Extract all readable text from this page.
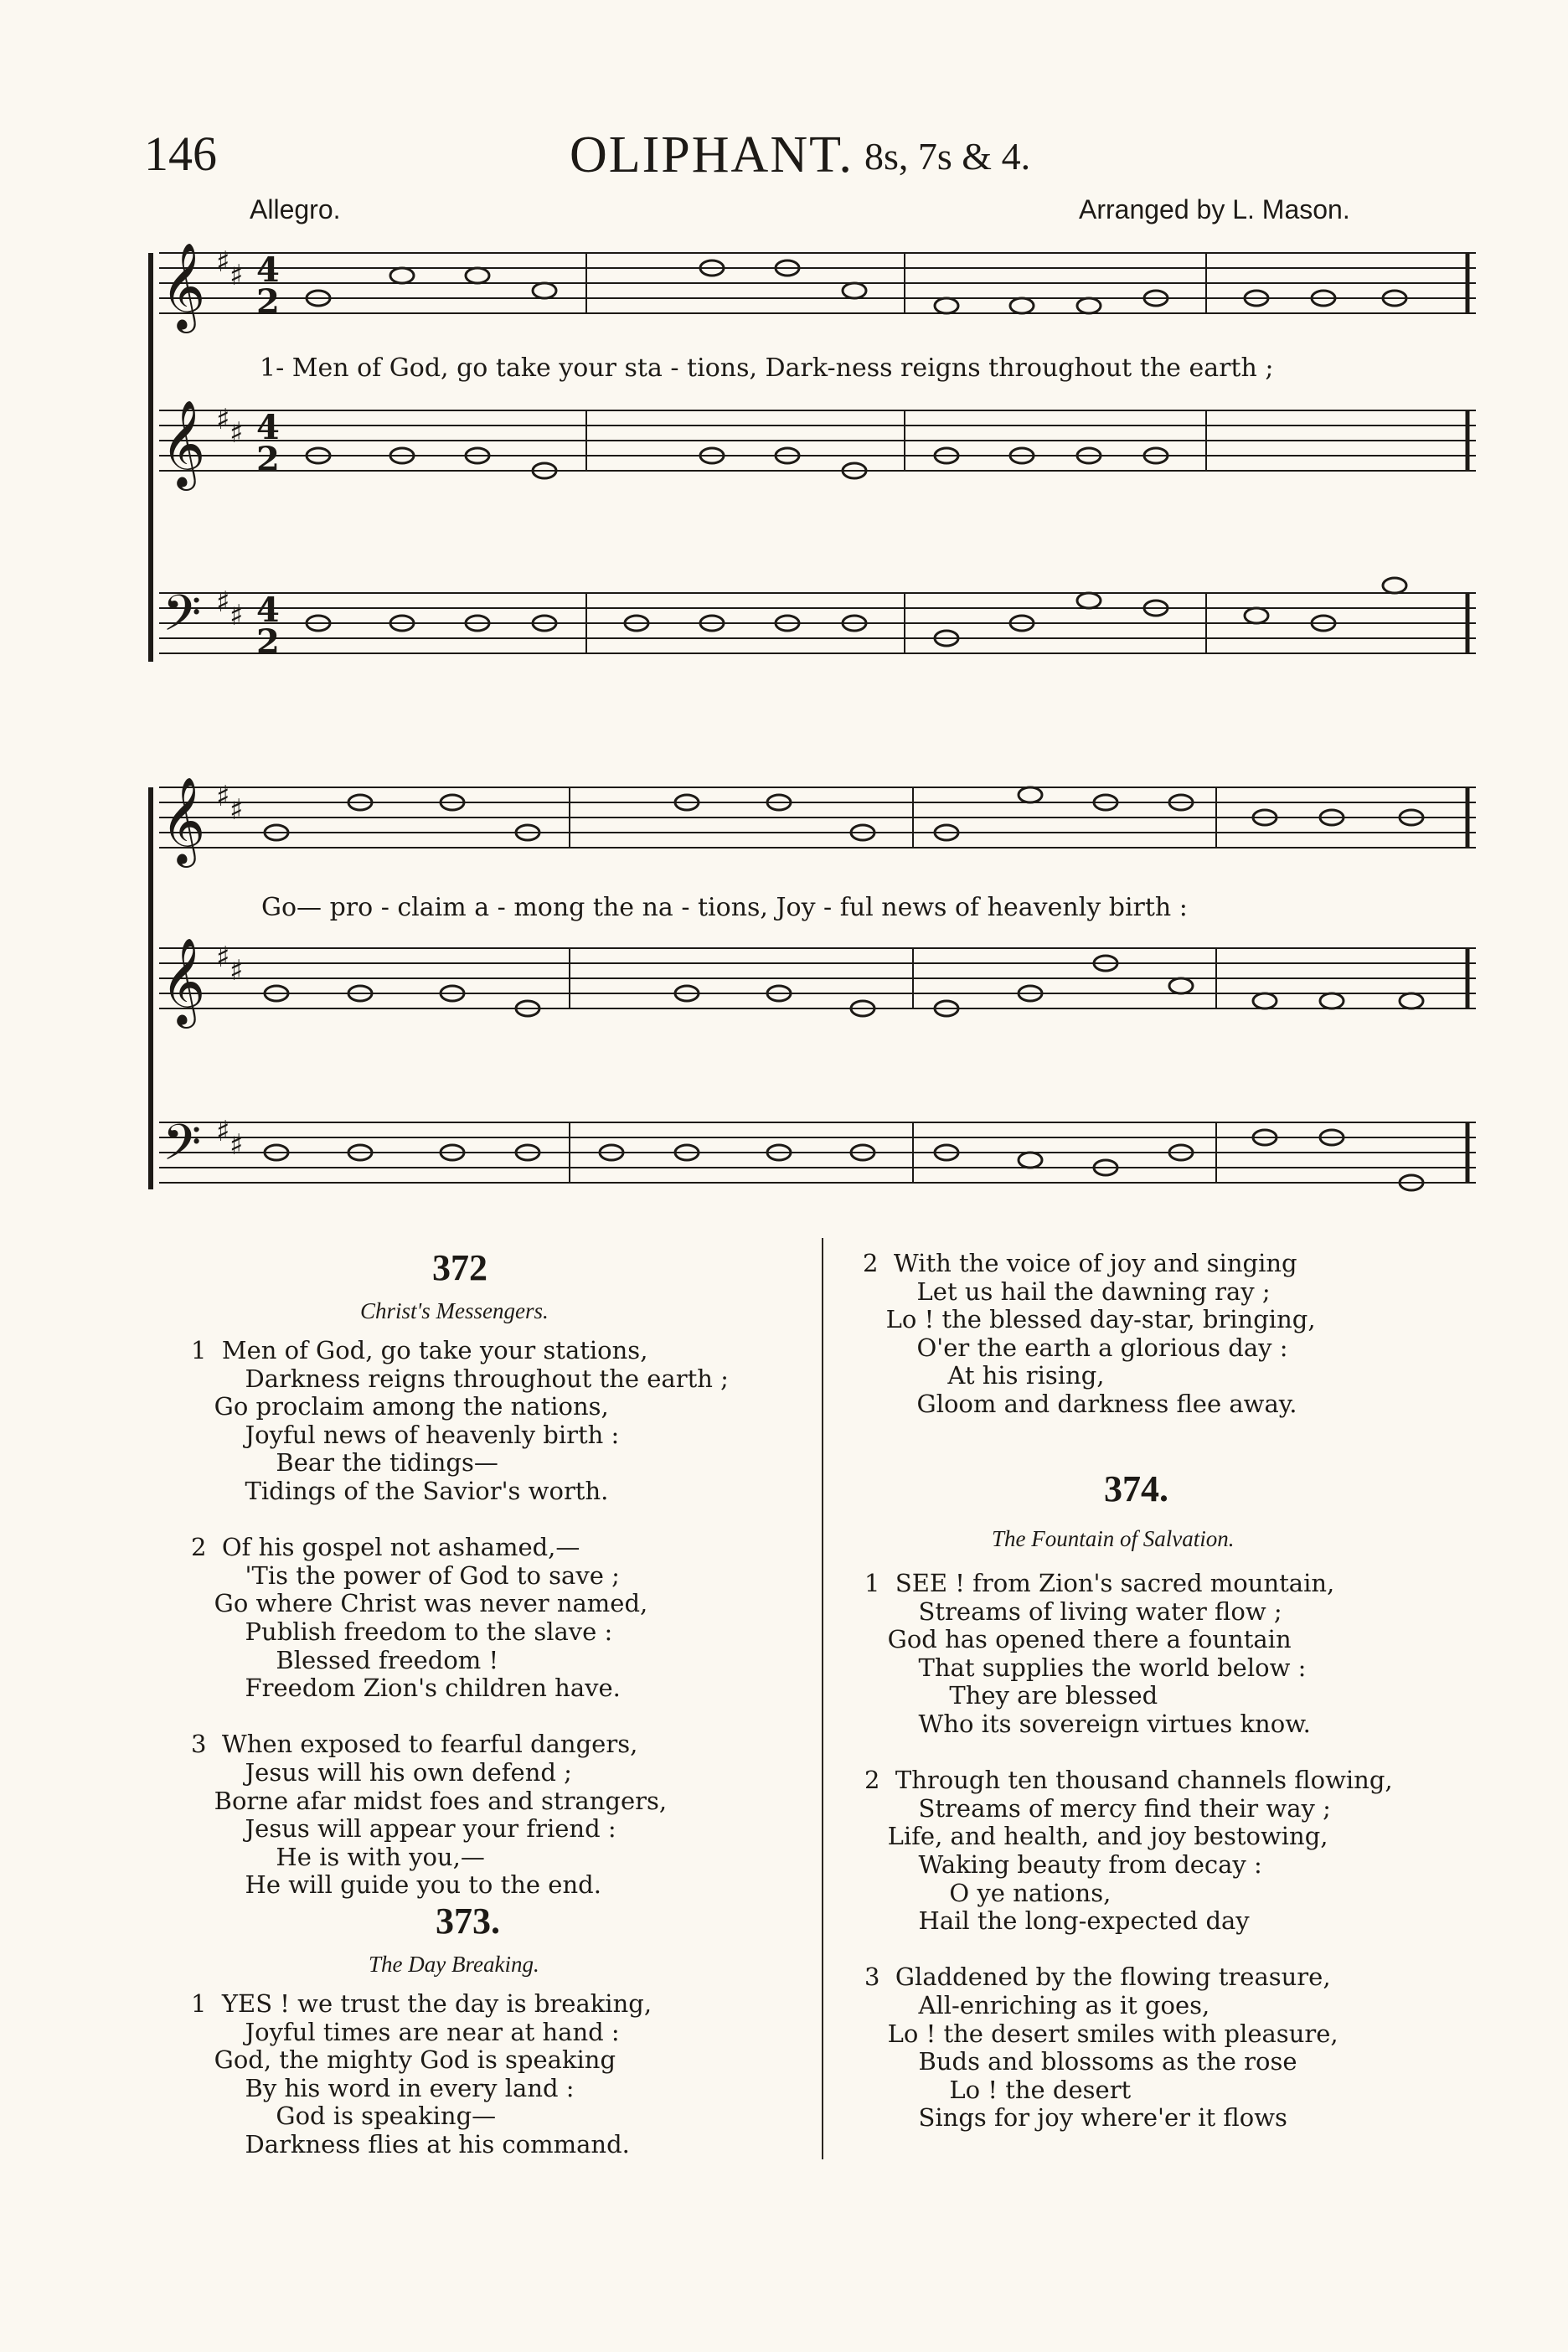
146	OLIPHANT. 8s, 7s & 4.
Allegro.	Arranged by L. Mason.
𝄞
𝄞
𝄢
𝄞
𝄞
𝄢
♯ ♯
♯ ♯
♯ ♯
♯ ♯
♯ ♯
♯ ♯
4
2
4
2
4
2
1- Men of God, go take your sta - tions, Dark-ness reigns throughout the earth ;
Go— pro - claim a - mong the na - tions, Joy - ful news of heavenly birth :
372
Christ's Messengers.
1  Men of God, go take your stations,
Darkness reigns throughout the earth ;
Go proclaim among the nations,
Joyful news of heavenly birth :
Bear the tidings—
Tidings of the Savior's worth.

2  Of his gospel not ashamed,—
'Tis the power of God to save ;
Go where Christ was never named,
Publish freedom to the slave :
Blessed freedom !
Freedom Zion's children have.

3  When exposed to fearful dangers,
Jesus will his own defend ;
Borne afar midst foes and strangers,
Jesus will appear your friend :
He is with you,—
He will guide you to the end.
373.
The Day Breaking.
1  YES ! we trust the day is breaking,
Joyful times are near at hand :
God, the mighty God is speaking
By his word in every land :
God is speaking—
Darkness flies at his command.
2  With the voice of joy and singing
Let us hail the dawning ray ;
Lo ! the blessed day-star, bringing,
O'er the earth a glorious day :
At his rising,
Gloom and darkness flee away.
374.
The Fountain of Salvation.
1  SEE ! from Zion's sacred mountain,
Streams of living water flow ;
God has opened there a fountain
That supplies the world below :
They are blessed
Who its sovereign virtues know.

2  Through ten thousand channels flowing,
Streams of mercy find their way ;
Life, and health, and joy bestowing,
Waking beauty from decay :
O ye nations,
Hail the long-expected day

3  Gladdened by the flowing treasure,
All-enriching as it goes,
Lo ! the desert smiles with pleasure,
Buds and blossoms as the rose
Lo ! the desert
Sings for joy where'er it flows
